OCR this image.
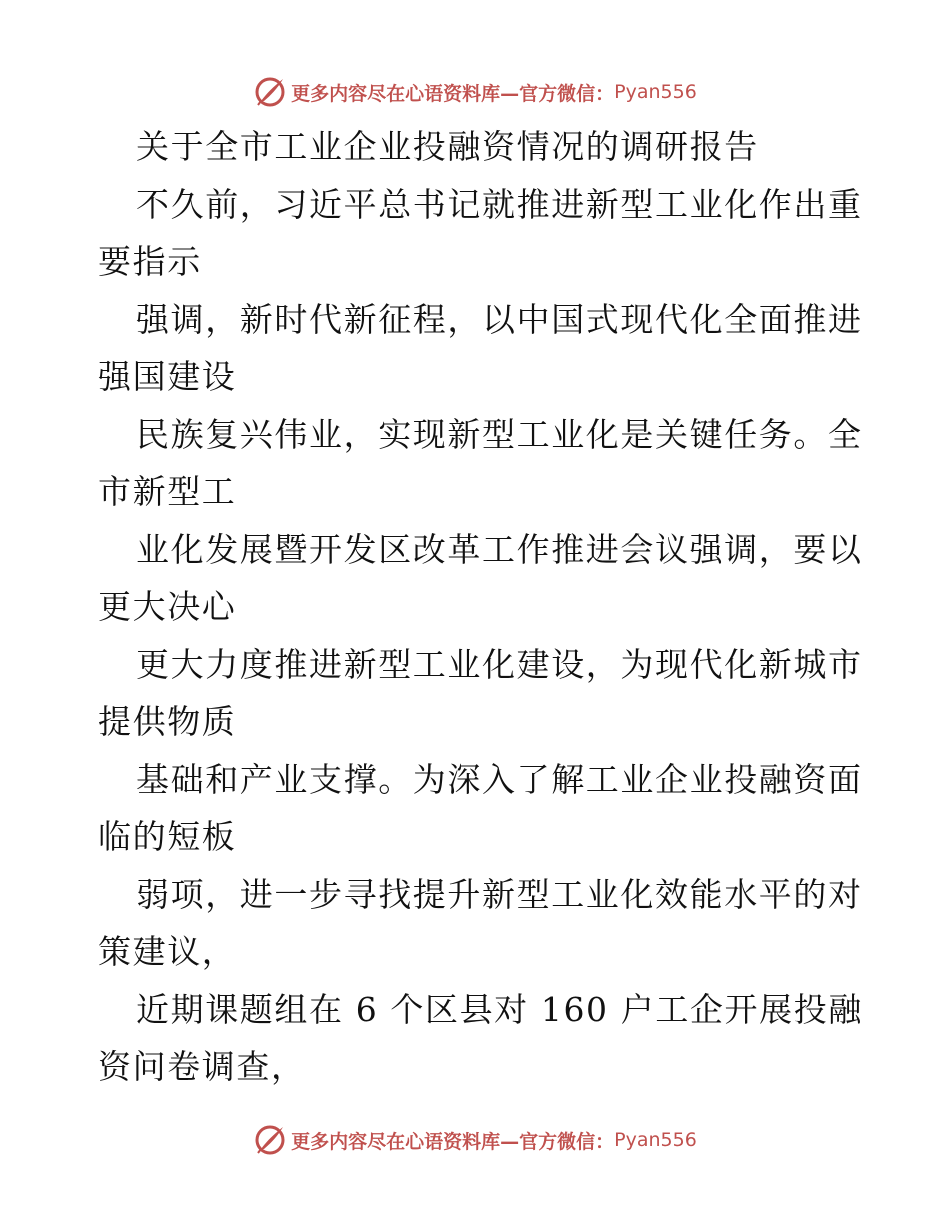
更多内容尽在心语资料库—官方微信： Pyan556
关于全市工业企业投融资情况的调研报告
不久前，习近平总书记就推进新型工业化作出重
要指示
强调，新时代新征程，以中国式现代化全面推进
强国建设
民族复兴伟业，实现新型工业化是关键任务。全
市新型工
业化发展暨开发区改革工作推进会议强调，要以
更大决心
更大力度推进新型工业化建设，为现代化新城市
提供物质
基础和产业支撑。为深入了解工业企业投融资面
临的短板
弱项，进一步寻找提升新型工业化效能水平的对
策建议，
近期课题组在 6 个区县对 160 户工企开展投融
资问卷调查，
更多内容尽在心语资料库—官方微信： Pyan556
